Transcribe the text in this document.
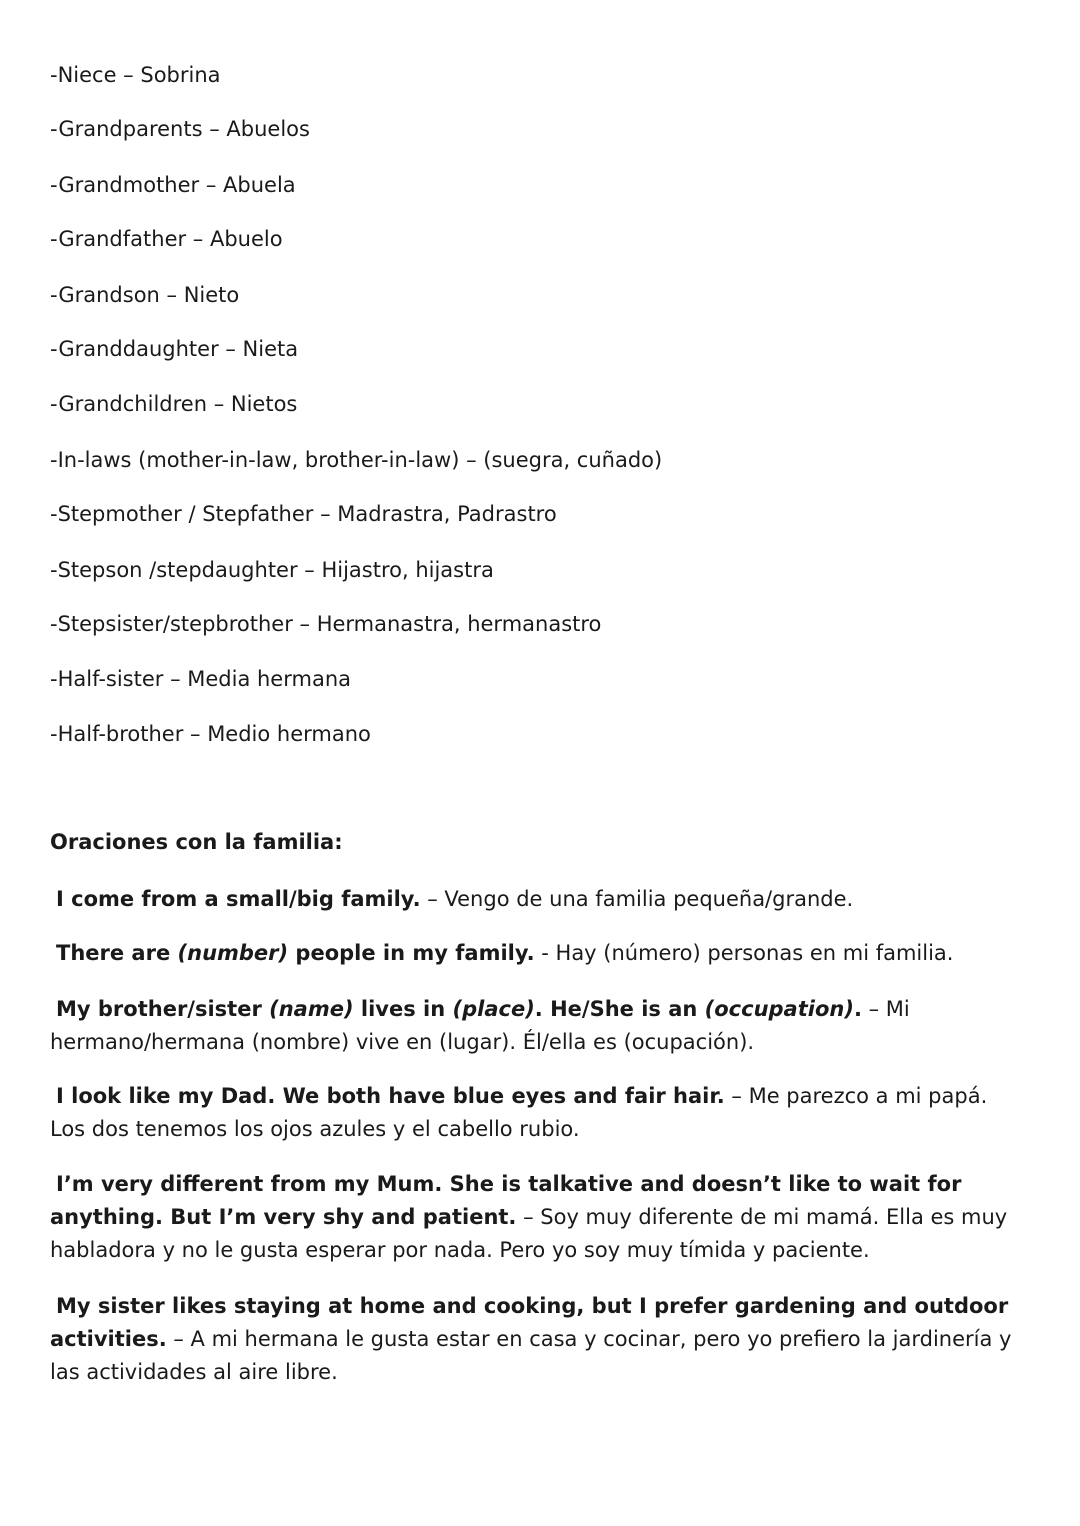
-Niece – Sobrina
-Grandparents – Abuelos
-Grandmother – Abuela
-Grandfather – Abuelo
-Grandson – Nieto
-Granddaughter – Nieta
-Grandchildren – Nietos
-In-laws (mother-in-law, brother-in-law) – (suegra, cuñado)
-Stepmother / Stepfather – Madrastra, Padrastro
-Stepson /stepdaughter – Hijastro, hijastra
-Stepsister/stepbrother – Hermanastra, hermanastro
-Half-sister – Media hermana
-Half-brother – Medio hermano
Oraciones con la familia:
I come from a small/big family. – Vengo de una familia pequeña/grande.
There are (number) people in my family. - Hay (número) personas en mi familia.
My brother/sister (name) lives in (place). He/She is an (occupation). – Mi hermano/hermana (nombre) vive en (lugar). Él/ella es (ocupación).
I look like my Dad. We both have blue eyes and fair hair. – Me parezco a mi papá. Los dos tenemos los ojos azules y el cabello rubio.
I’m very different from my Mum. She is talkative and doesn’t like to wait for anything. But I’m very shy and patient. – Soy muy diferente de mi mamá. Ella es muy habladora y no le gusta esperar por nada. Pero yo soy muy tímida y paciente.
My sister likes staying at home and cooking, but I prefer gardening and outdoor activities. – A mi hermana le gusta estar en casa y cocinar, pero yo prefiero la jardinería y las actividades al aire libre.
